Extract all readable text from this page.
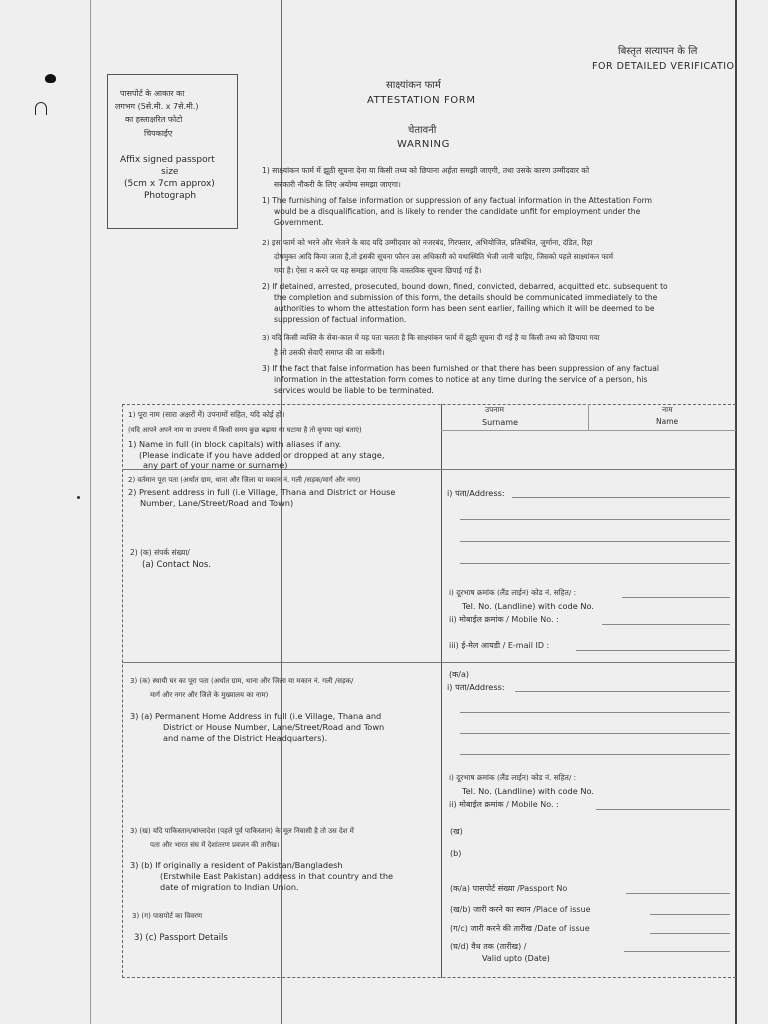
बिस्तृत सत्यापन के लि
FOR DETAILED VERIFICATIO
साक्ष्यांकन फार्म
ATTESTATION FORM
चेतावनी
WARNING
पासपोर्ट के आकार का
लगभग (5से.मी. x 7से.मी.)
का हस्ताक्षरित फोटो
चिपकाईए
Affix signed passport
size
(5cm x 7cm approx)
Photograph
1) साक्ष्यांकन फार्म में झूठी सूचना देना या किसी तथ्य को छिपाना अर्हता समझी जाएगी, तथा उसके कारण उम्मीदवार को
सरकारी नौकरी के लिए अयोग्य समझा जाएगा।
1) The furnishing of false information or suppression of any factual information in the Attestation Form
would be a disqualification, and is likely to render the candidate unfit for employment under the
Government.
2) इस फार्म को भरने और भेजने के बाद यदि उम्मीदवार को नजरबंद, गिरफ्तार, अभियोजित, प्रतिबंधित, जुर्माना, दंडित, रिहा
दोषमुक्त आदि किया जाता है,तो इसकी सूचना फौरन उस अधिकारी को यथास्थिति भेजी जानी चाहिए, जिसको पहले साक्ष्यांकन फार्म
गया है। ऐसा न करने पर यह समझा जाएगा कि वास्तविक सूचना छिपाई गई है।
2) If detained, arrested, prosecuted, bound down, fined, convicted, debarred, acquitted etc. subsequent to
the completion and submission of this form, the details should be communicated immediately to the
authorities to whom the attestation form has been sent earlier, failing which it will be deemed to be
suppression of factual information.
3) यदि किसी व्यक्ति के सेवा-काल में यह पता चलता है कि साक्ष्यांकन फार्म में झूठी सूचना दी गई है या किसी तथ्य को छिपाया गया
है तो उसकी सेवाएँ समाप्त की जा सकेंगी।
3) If the fact that false information has been furnished or that there has been suppression of any factual
information in the attestation form comes to notice at any time during the service of a person, his
services would be liable to be terminated.
1) पूरा नाम (सारा अक्षरों में) उपनामों सहित, यदि कोई हो।
(यदि आपने अपने नाम या उपनाम में किसी समय कुछ बढ़ाया या घटाया है तो कृपया यहां बताएं)
1) Name in full (in block capitals) with aliases if any.
(Please indicate if you have added or dropped at any stage,
any part of your name or surname)
उपनाम
Surname
नाम
Name
2) वर्तमान पूरा पता (अर्थात ग्राम, थाना और जिला या मकान नं. गली /सड़क/मार्ग और नगर)
2) Present address in full (i.e Village, Thana and District or House
Number, Lane/Street/Road and Town)
2) (क) संपर्क संख्या/
(a) Contact Nos.
i) पता/Address:
i) दूरभाष क्रमांक (लैंड लाईन) कोड नं. सहित/ :
Tel. No. (Landline) with code No.
ii) मोबाईल क्रमांक / Mobile No. :
iii) ई-मेल आयडी / E-mail ID :
3) (क) स्थायी घर का पूरा पता (अर्थात ग्राम, थाना और जिला या मकान नं. गली /सड़क/
मार्ग और नगर और जिले के मुख्यालय का नाम)
3) (a) Permanent Home Address in full (i.e Village, Thana and
District or House Number, Lane/Street/Road and Town
and name of the District Headquarters).
(क/a)
i) पता/Address:
i) दूरभाष क्रमांक (लैंड लाईन) कोड नं. सहित/ :
Tel. No. (Landline) with code No.
ii) मोबाईल क्रमांक / Mobile No. :
3) (ख) यदि पाकिस्तान/बांग्लादेश (पहले पूर्व पाकिस्तान) के मूल निवासी है तो उस देश में
पता और भारत संघ में देशांतरण प्रवजन की तारीख।
3) (b) If originally a resident of Pakistan/Bangladesh
(Erstwhile East Pakistan) address in that country and the
date of migration to Indian Union.
(ख)
(b)
3) (ग) पासपोर्ट का विवरण
3) (c) Passport Details
(क/a) पासपोर्ट संख्या /Passport No
(ख/b) जारी करने का स्थान /Place of issue
(ग/c) जारी करने की तारीख /Date of issue
(घ/d) वैध तक (तारीख) /
Valid upto (Date)
